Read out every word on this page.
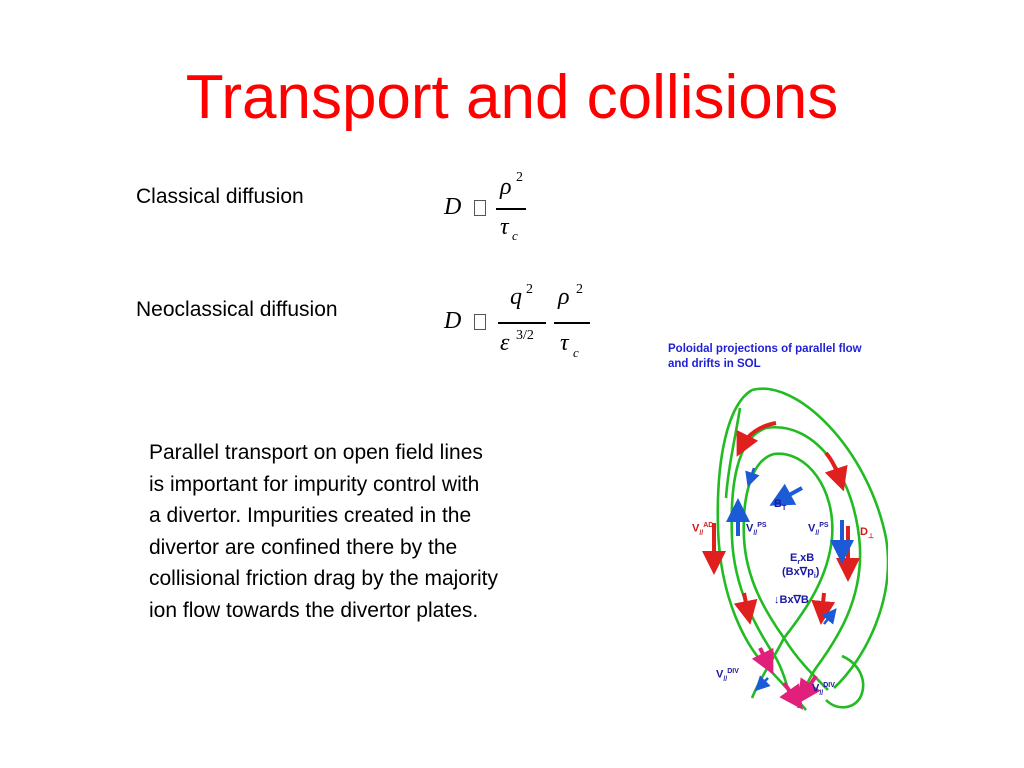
Transport and collisions
Classical diffusion	D
ρ 2
τ c
Neoclassical diffusion	D
q 2
ε 3/2
ρ 2
τ c
Parallel transport on open field lines
is important for impurity control with
a divertor. Impurities created in the
divertor are confined there by the
collisional friction drag by the majority
ion flow towards the divertor plates.
Poloidal projections of parallel flow
and drifts in SOL
$B_T$
$V_{//}^{AD}$	$V_{//}^{PS}$	$V_{//}^{PS}$
$D_\perp$
$E_rxB$
$(Bx\nabla p_i)$
↓Bx∇B
$V_{//}^{DIV}$
$V_{//}^{DIV}$
